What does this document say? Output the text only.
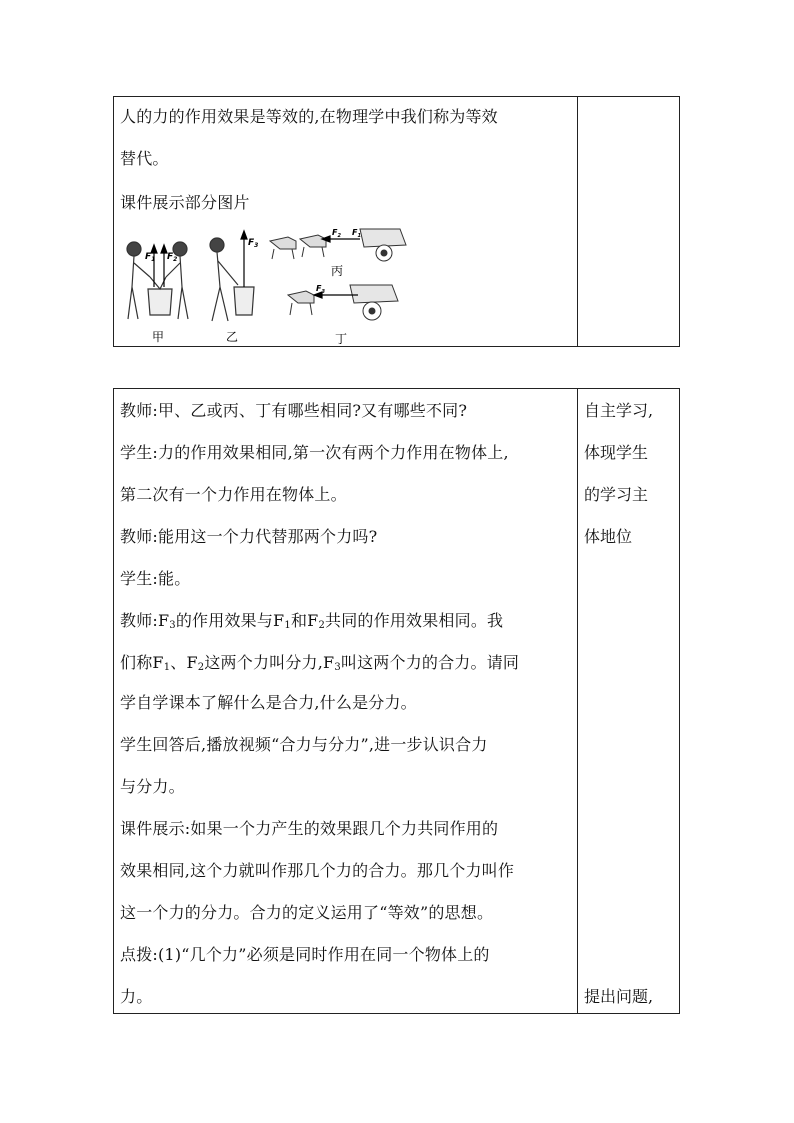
人的力的作用效果是等效的,在物理学中我们称为等效
替代。
课件展示部分图片
$F_1$ $F_2$
甲
$F_3$
乙
$F_2$ $F_1$
丙
$F_3$
丁
教师:甲、乙或丙、丁有哪些相同?又有哪些不同?
学生:力的作用效果相同,第一次有两个力作用在物体上,
第二次有一个力作用在物体上。
教师:能用这一个力代替那两个力吗?
学生:能。
教师$:F_3$的作用效果与$F_1$和$F_2$共同的作用效果相同。我
们称$F_1$、$F_2$这两个力叫分力$,F_3$叫这两个力的合力。请同
学自学课本了解什么是合力,什么是分力。
学生回答后,播放视频“合力与分力”,进一步认识合力
与分力。
课件展示:如果一个力产生的效果跟几个力共同作用的
效果相同,这个力就叫作那几个力的合力。那几个力叫作
这一个力的分力。合力的定义运用了“等效”的思想。
点拨:(1)“几个力”必须是同时作用在同一个物体上的
力。
自主学习,
体现学生
的学习主
体地位
提出问题,
